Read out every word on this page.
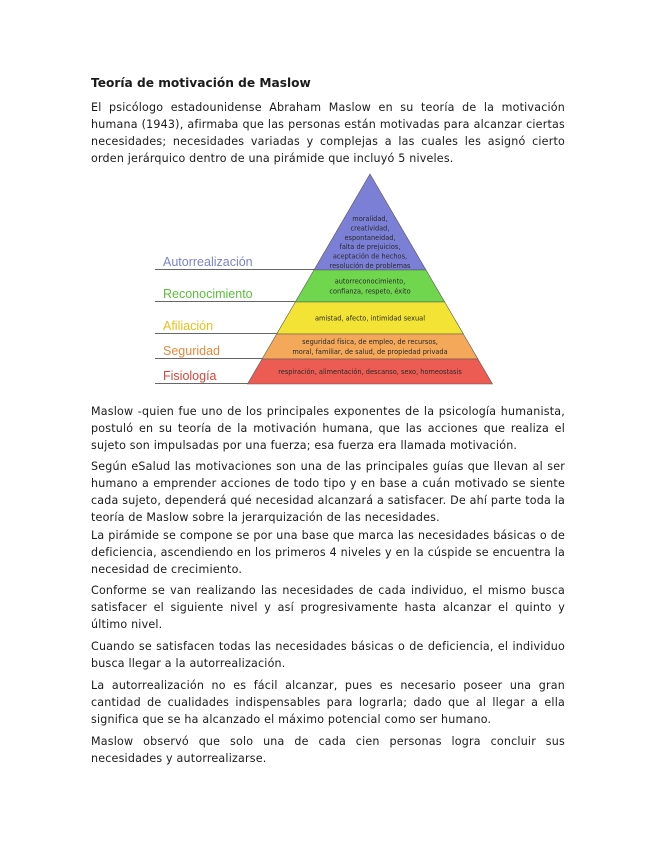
Teoría de motivación de Maslow

El psicólogo estadounidense Abraham Maslow en su teoría de la motivación humana (1943), afirmaba que las personas están motivadas para alcanzar ciertas necesidades; necesidades variadas y complejas a las cuales les asignó cierto orden jerárquico dentro de una pirámide que incluyó 5 niveles.

Autorrealización
moralidad,
creatividad,
espontaneidad,
falta de prejuicios,
aceptación de hechos,
resolución de problemas
Reconocimiento
autorreconocimiento,
confianza, respeto, éxito
Afiliación
amistad, afecto, intimidad sexual
Seguridad
seguridad física, de empleo, de recursos,
moral, familiar, de salud, de propiedad privada
Fisiología	respiración, alimentación, descanso, sexo, homeostasis

Maslow -quien fue uno de los principales exponentes de la psicología humanista, postuló en su teoría de la motivación humana, que las acciones que realiza el sujeto son impulsadas por una fuerza; esa fuerza era llamada motivación.

Según eSalud las motivaciones son una de las principales guías que llevan al ser humano a emprender acciones de todo tipo y en base a cuán motivado se siente cada sujeto, dependerá qué necesidad alcanzará a satisfacer. De ahí parte toda la teoría de Maslow sobre la jerarquización de las necesidades.

La pirámide se compone se por una base que marca las necesidades básicas o de deficiencia, ascendiendo en los primeros 4 niveles y en la cúspide se encuentra la necesidad de crecimiento.

Conforme se van realizando las necesidades de cada individuo, el mismo busca satisfacer el siguiente nivel y así progresivamente hasta alcanzar el quinto y último nivel.

Cuando se satisfacen todas las necesidades básicas o de deficiencia, el individuo busca llegar a la autorrealización.

La autorrealización no es fácil alcanzar, pues es necesario poseer una gran cantidad de cualidades indispensables para lograrla; dado que al llegar a ella significa que se ha alcanzado el máximo potencial como ser humano.

Maslow observó que solo una de cada cien personas logra concluir sus necesidades y autorrealizarse.
